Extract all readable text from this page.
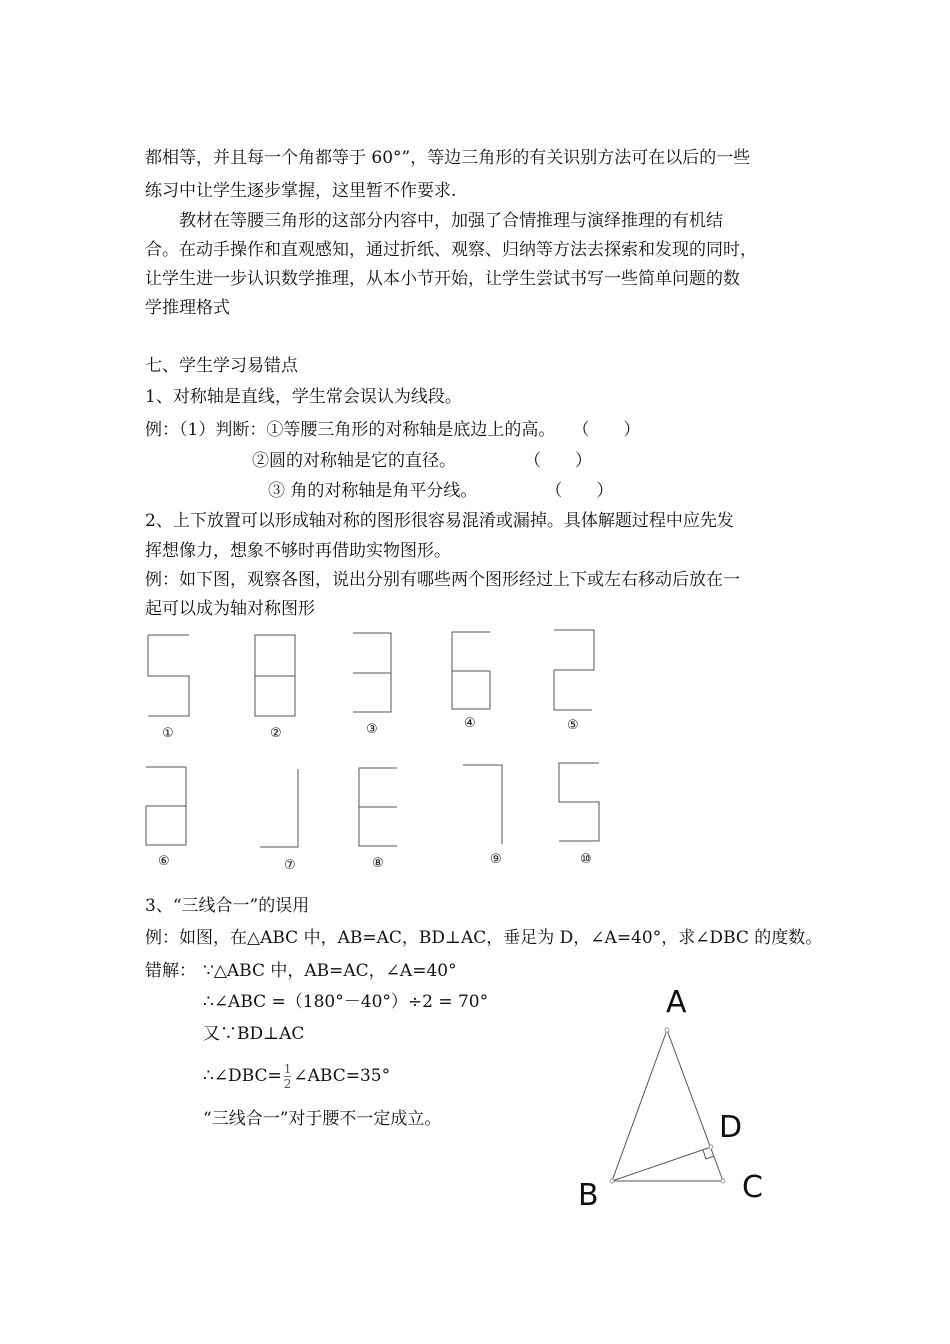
都相等，并且每一个角都等于 60°”，等边三角形的有关识别方法可在以后的一些
练习中让学生逐步掌握，这里暂不作要求.
　　教材在等腰三角形的这部分内容中，加强了合情推理与演绎推理的有机结
合。在动手操作和直观感知，通过折纸、观察、归纳等方法去探索和发现的同时，
让学生进一步认识数学推理，从本小节开始，让学生尝试书写一些简单问题的数
学推理格式
七、学生学习易错点
1、对称轴是直线，学生常会误认为线段。
例：（1）判断：①等腰三角形的对称轴是底边上的高。　　（　　）
②圆的对称轴是它的直径。　　　　　（　　）
③ 角的对称轴是角平分线。　　　　　（　　）
2、上下放置可以形成轴对称的图形很容易混淆或漏掉。具体解题过程中应先发
挥想像力，想象不够时再借助实物图形。
例：如下图，观察各图，说出分别有哪些两个图形经过上下或左右移动后放在一
起可以成为轴对称图形
①	②	③	④	⑤
⑥	⑦	⑧	⑨	⑩
3、“三线合一”的误用
例：如图，在△ABC 中，AB=AC，BD⊥AC，垂足为 D，∠A=40°，求∠DBC 的度数。
错解： ∵△ABC 中，AB=AC，∠A=40°
∴∠ABC =（180°－40°）÷2 = 70°
又∵BD⊥AC
∴∠DBC= $\frac{1}{2}$ ∠ABC=35°
“三线合一”对于腰不一定成立。
A
D
B	C
